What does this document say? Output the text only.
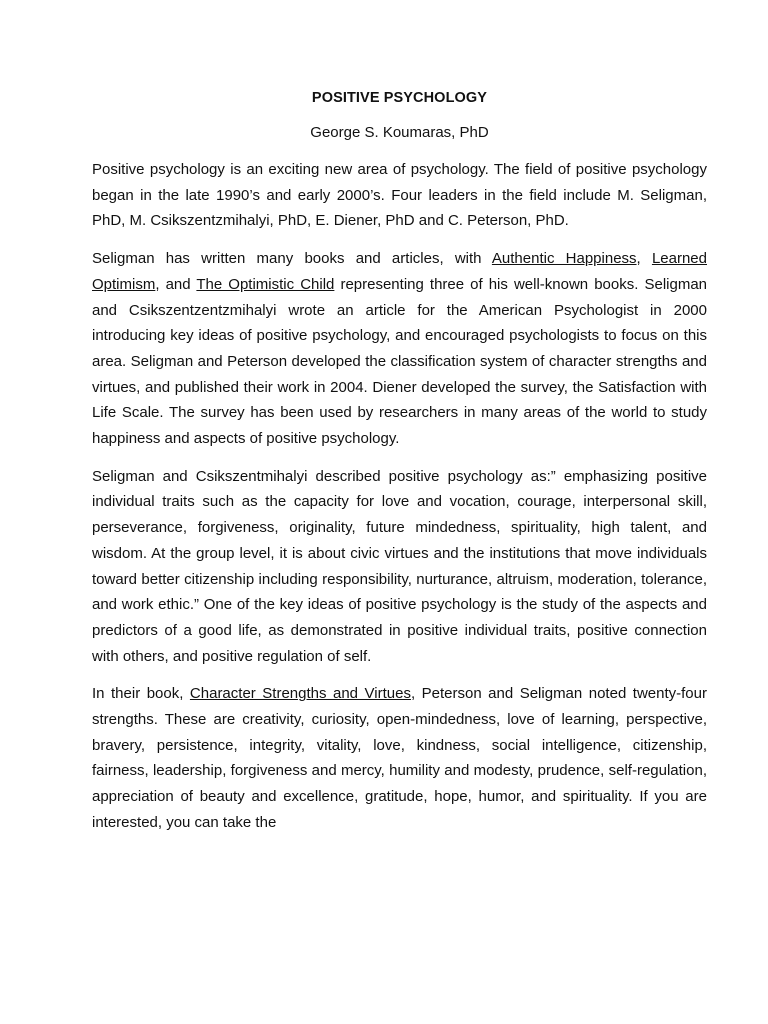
POSITIVE PSYCHOLOGY
George S. Koumaras, PhD

Positive psychology is an exciting new area of psychology. The field of positive psychology began in the late 1990’s and early 2000’s. Four leaders in the field include M. Seligman, PhD, M. Csikszentzmihalyi, PhD, E. Diener, PhD and C. Peterson, PhD.

Seligman has written many books and articles, with Authentic Happiness, Learned Optimism, and The Optimistic Child representing three of his well-known books. Seligman and Csikszentzentzmihalyi wrote an article for the American Psychologist in 2000 introducing key ideas of positive psychology, and encouraged psychologists to focus on this area. Seligman and Peterson developed the classification system of character strengths and virtues, and published their work in 2004. Diener developed the survey, the Satisfaction with Life Scale. The survey has been used by researchers in many areas of the world to study happiness and aspects of positive psychology.

Seligman and Csikszentmihalyi described positive psychology as:” emphasizing positive individual traits such as the capacity for love and vocation, courage, interpersonal skill, perseverance, forgiveness, originality, future mindedness, spirituality, high talent, and wisdom. At the group level, it is about civic virtues and the institutions that move individuals toward better citizenship including responsibility, nurturance, altruism, moderation, tolerance, and work ethic.” One of the key ideas of positive psychology is the study of the aspects and predictors of a good life, as demonstrated in positive individual traits, positive connection with others, and positive regulation of self.

In their book, Character Strengths and Virtues, Peterson and Seligman noted twenty-four strengths. These are creativity, curiosity, open-mindedness, love of learning, perspective, bravery, persistence, integrity, vitality, love, kindness, social intelligence, citizenship, fairness, leadership, forgiveness and mercy, humility and modesty, prudence, self-regulation, appreciation of beauty and excellence, gratitude, hope, humor, and spirituality. If you are interested, you can take the
